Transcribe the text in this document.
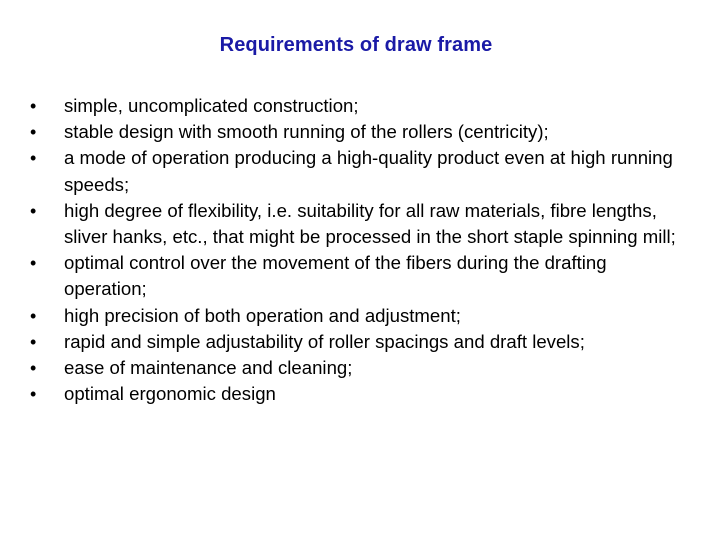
Requirements of draw frame
•	simple, uncomplicated construction;
•	stable design with smooth running of the rollers (centricity);
•	a mode of operation producing a high-quality product even at high running speeds;
•	high degree of flexibility, i.e. suitability for all raw materials, fibre lengths, sliver hanks, etc., that might be processed in the short staple spinning mill;
•	optimal control over the movement of the fibers during the drafting operation;
•	high precision of both operation and adjustment;
•	rapid and simple adjustability of roller spacings and draft levels;
•	ease of maintenance and cleaning;
•	optimal ergonomic design
